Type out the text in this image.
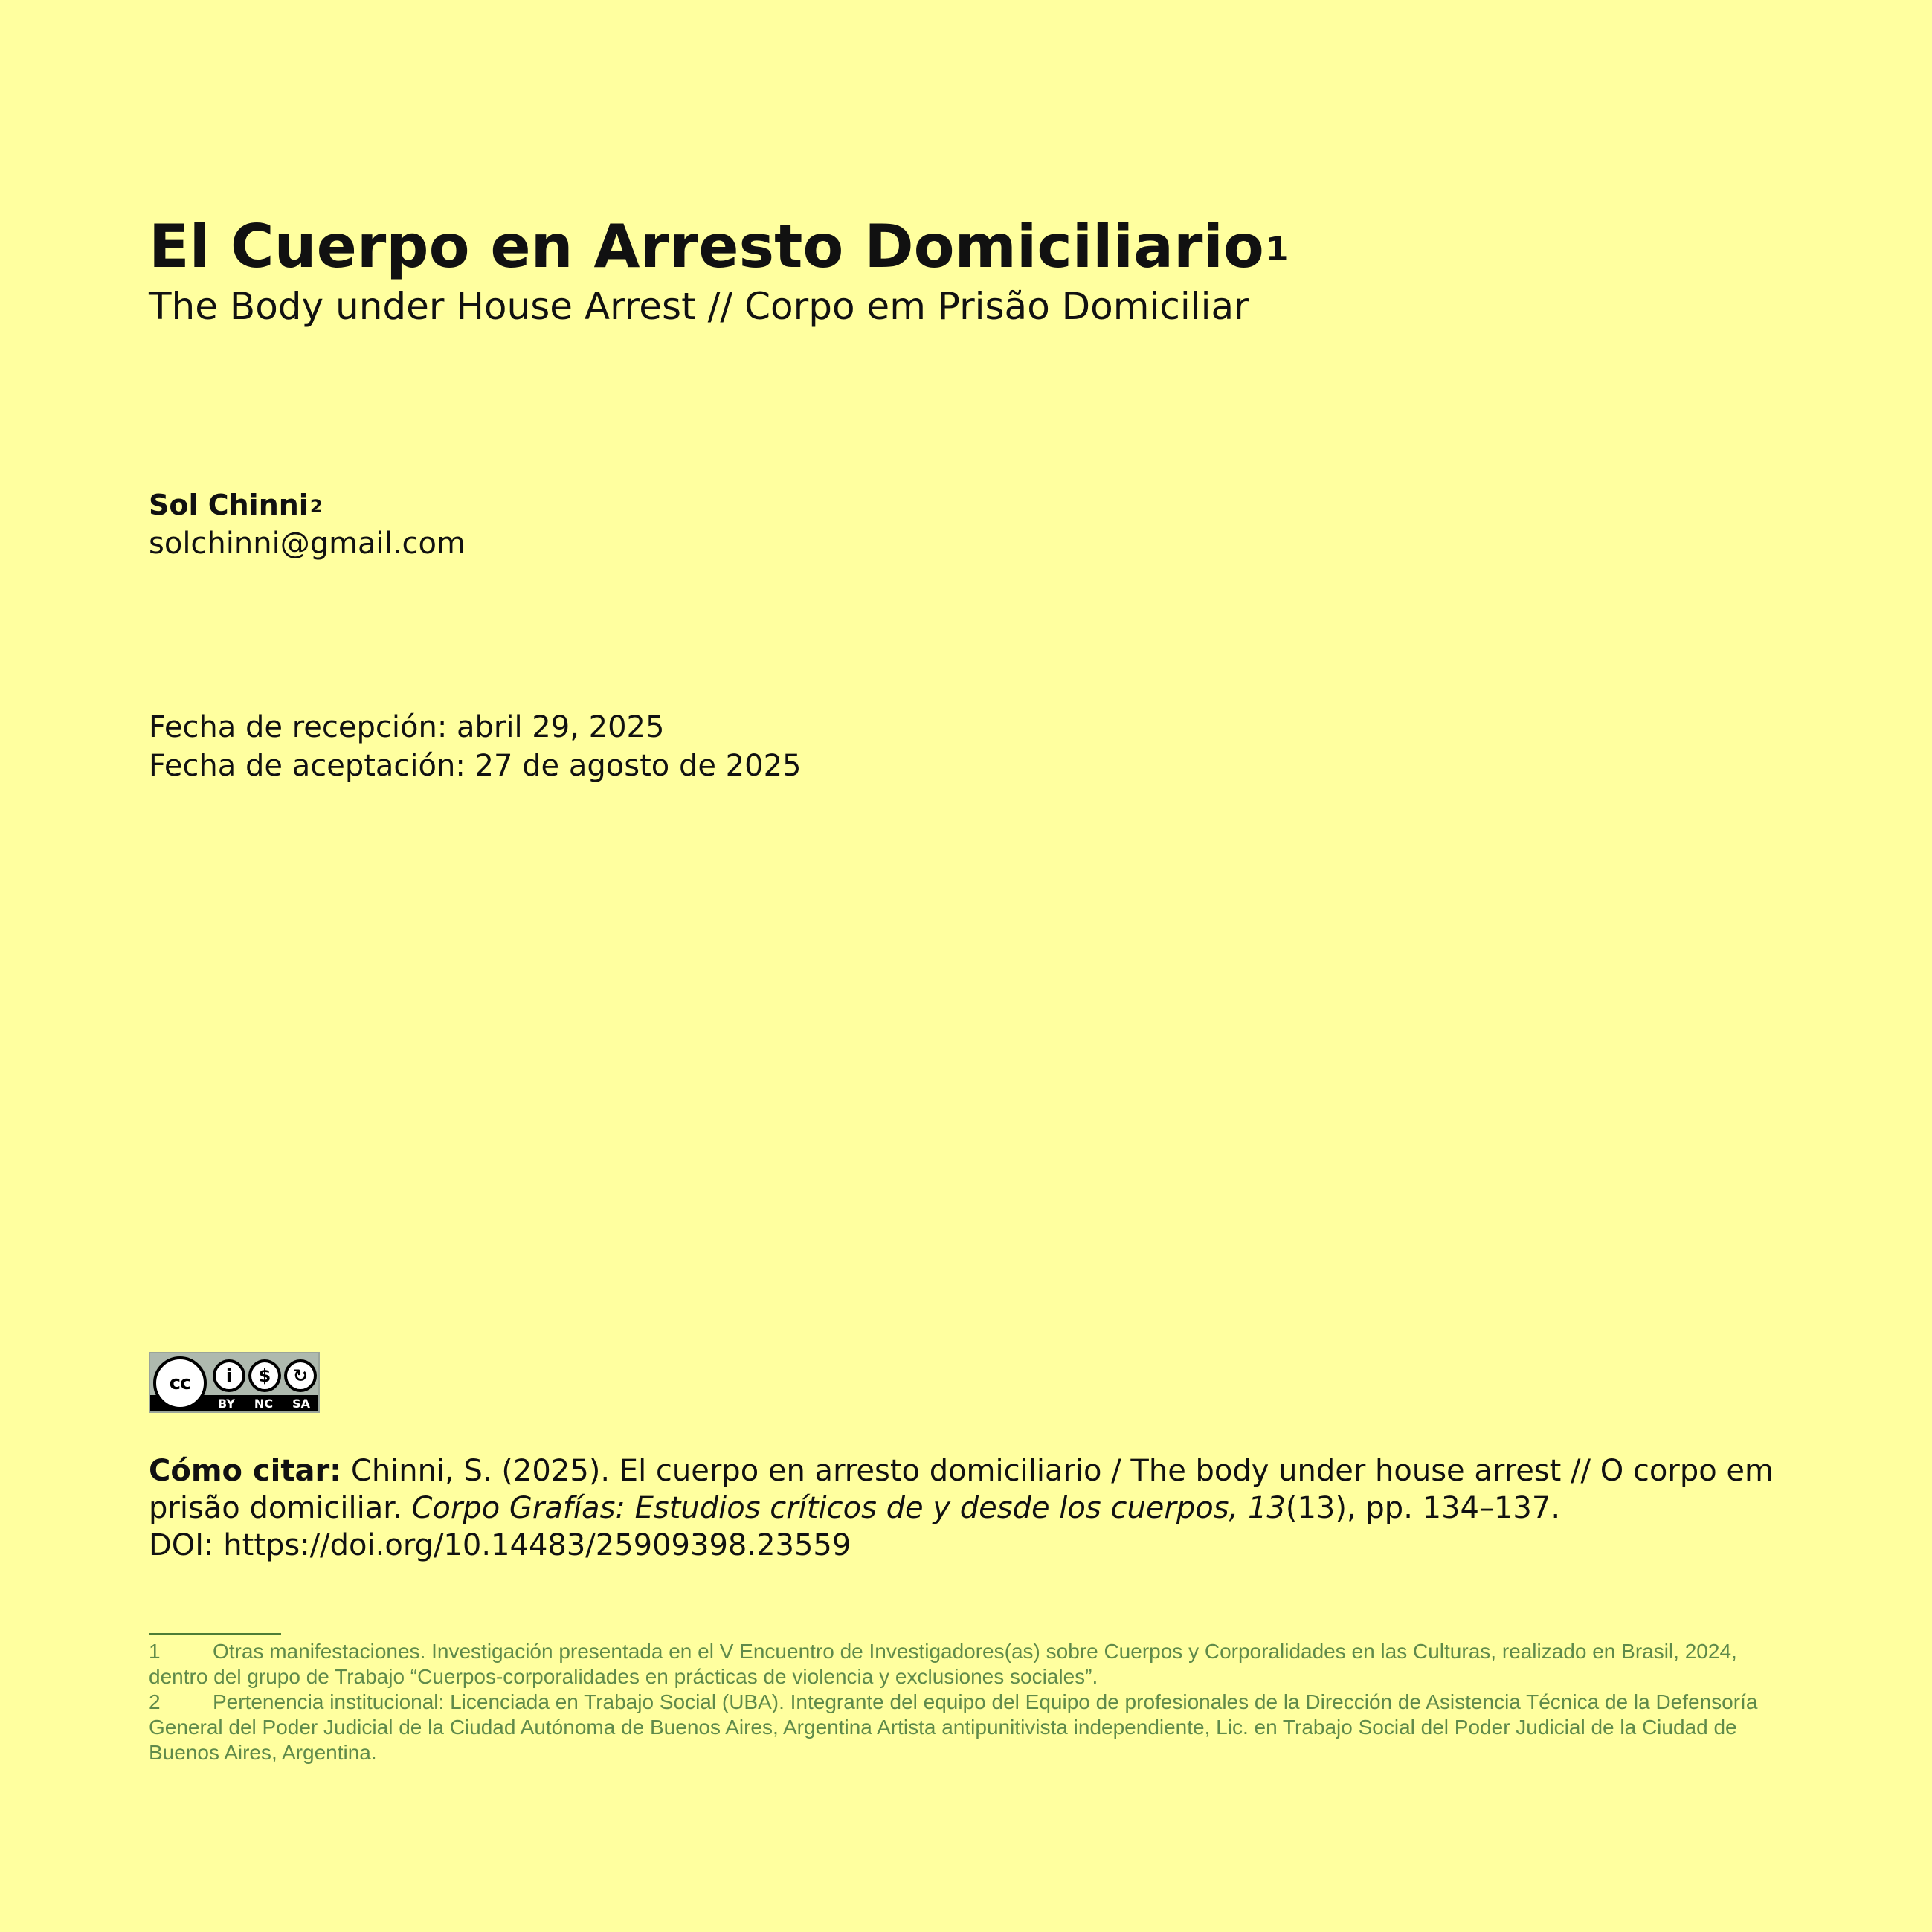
El Cuerpo en Arresto Domiciliario$^1$
The Body under House Arrest // Corpo em Prisão Domiciliar
Sol Chinni$^2$
solchinni@gmail.com
Fecha de recepción: abril 29, 2025
Fecha de aceptación: 27 de agosto de 2025
cc	i	$	↻
BY NC SA
Cómo citar: Chinni, S. (2025). El cuerpo en arresto domiciliario / The body under house arrest // O corpo em prisão domiciliar. Corpo Grafías: Estudios críticos de y desde los cuerpos, 13(13), pp. 134–137.
DOI: https://doi.org/10.14483/25909398.23559
1	Otras manifestaciones. Investigación presentada en el V Encuentro de Investigadores(as) sobre Cuerpos y Corporalidades en las Culturas, realizado en Brasil, 2024, dentro del grupo de Trabajo “Cuerpos-corporalidades en prácticas de violencia y exclusiones sociales”.
2	Pertenencia institucional: Licenciada en Trabajo Social (UBA). Integrante del equipo del Equipo de profesionales de la Dirección de Asistencia Técnica de la Defensoría General del Poder Judicial de la Ciudad Autónoma de Buenos Aires, Argentina Artista antipunitivista independiente, Lic. en Trabajo Social del Poder Judicial de la Ciudad de Buenos Aires, Argentina.
